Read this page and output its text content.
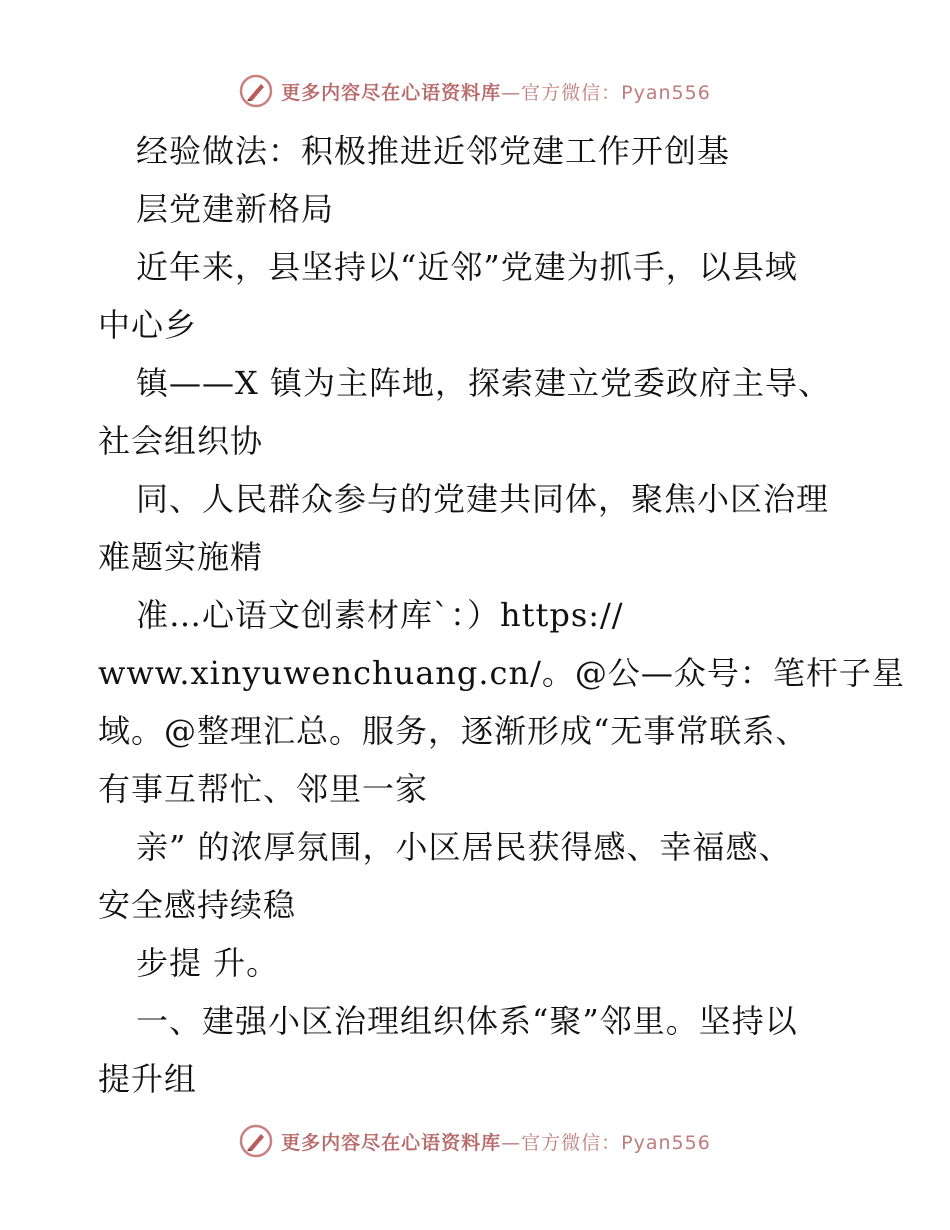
更多内容尽在心语资料库—官方微信：Pyan556
经验做法：积极推进近邻党建工作开创基
层党建新格局
近年来，县坚持以“近邻”党建为抓手，以县域
中心乡
镇——X 镇为主阵地，探索建立党委政府主导、
社会组织协
同、人民群众参与的党建共同体，聚焦小区治理
难题实施精
准…心语文创素材库`：）https://
www.xinyuwenchuang.cn/。@公—众号：笔杆子星
域。@整理汇总。服务，逐渐形成“无事常联系、
有事互帮忙、邻里一家
亲” 的浓厚氛围，小区居民获得感、幸福感、
安全感持续稳
步提 升。
一、建强小区治理组织体系“聚”邻里。坚持以
提升组
更多内容尽在心语资料库—官方微信：Pyan556
